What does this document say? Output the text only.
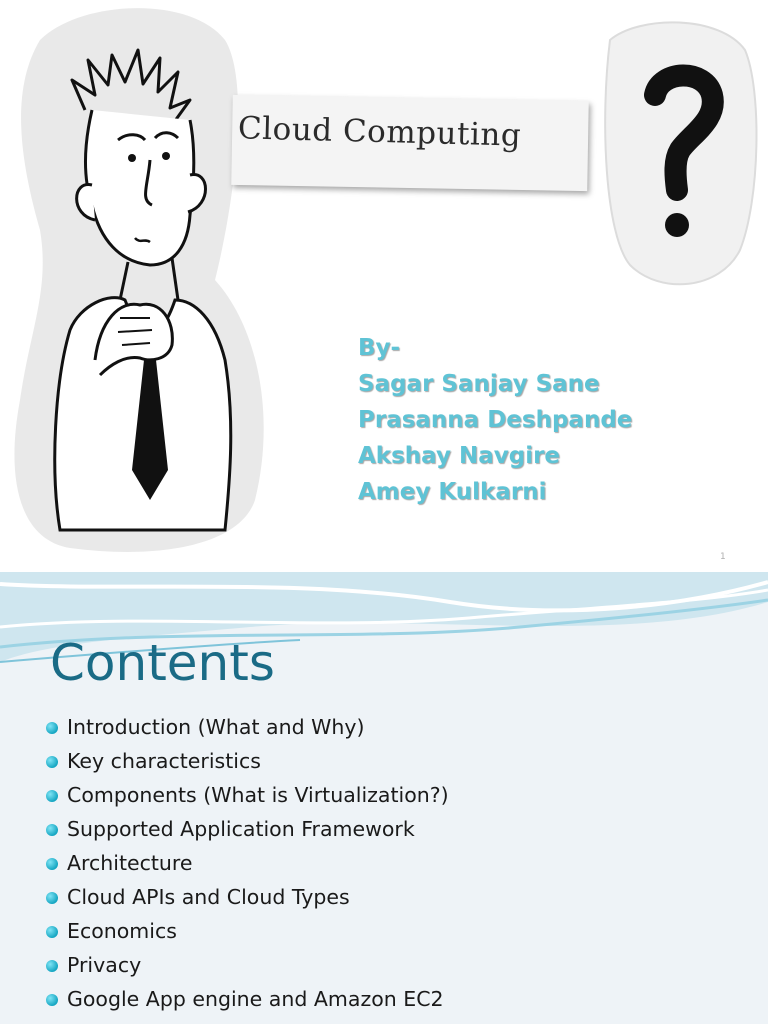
Cloud Computing
By-
Sagar Sanjay Sane
Prasanna Deshpande
Akshay Navgire
Amey Kulkarni
1
Contents
Introduction (What and Why)
Key characteristics
Components (What is Virtualization?)
Supported Application Framework
Architecture
Cloud APIs and Cloud Types
Economics
Privacy
Google App engine and Amazon EC2
